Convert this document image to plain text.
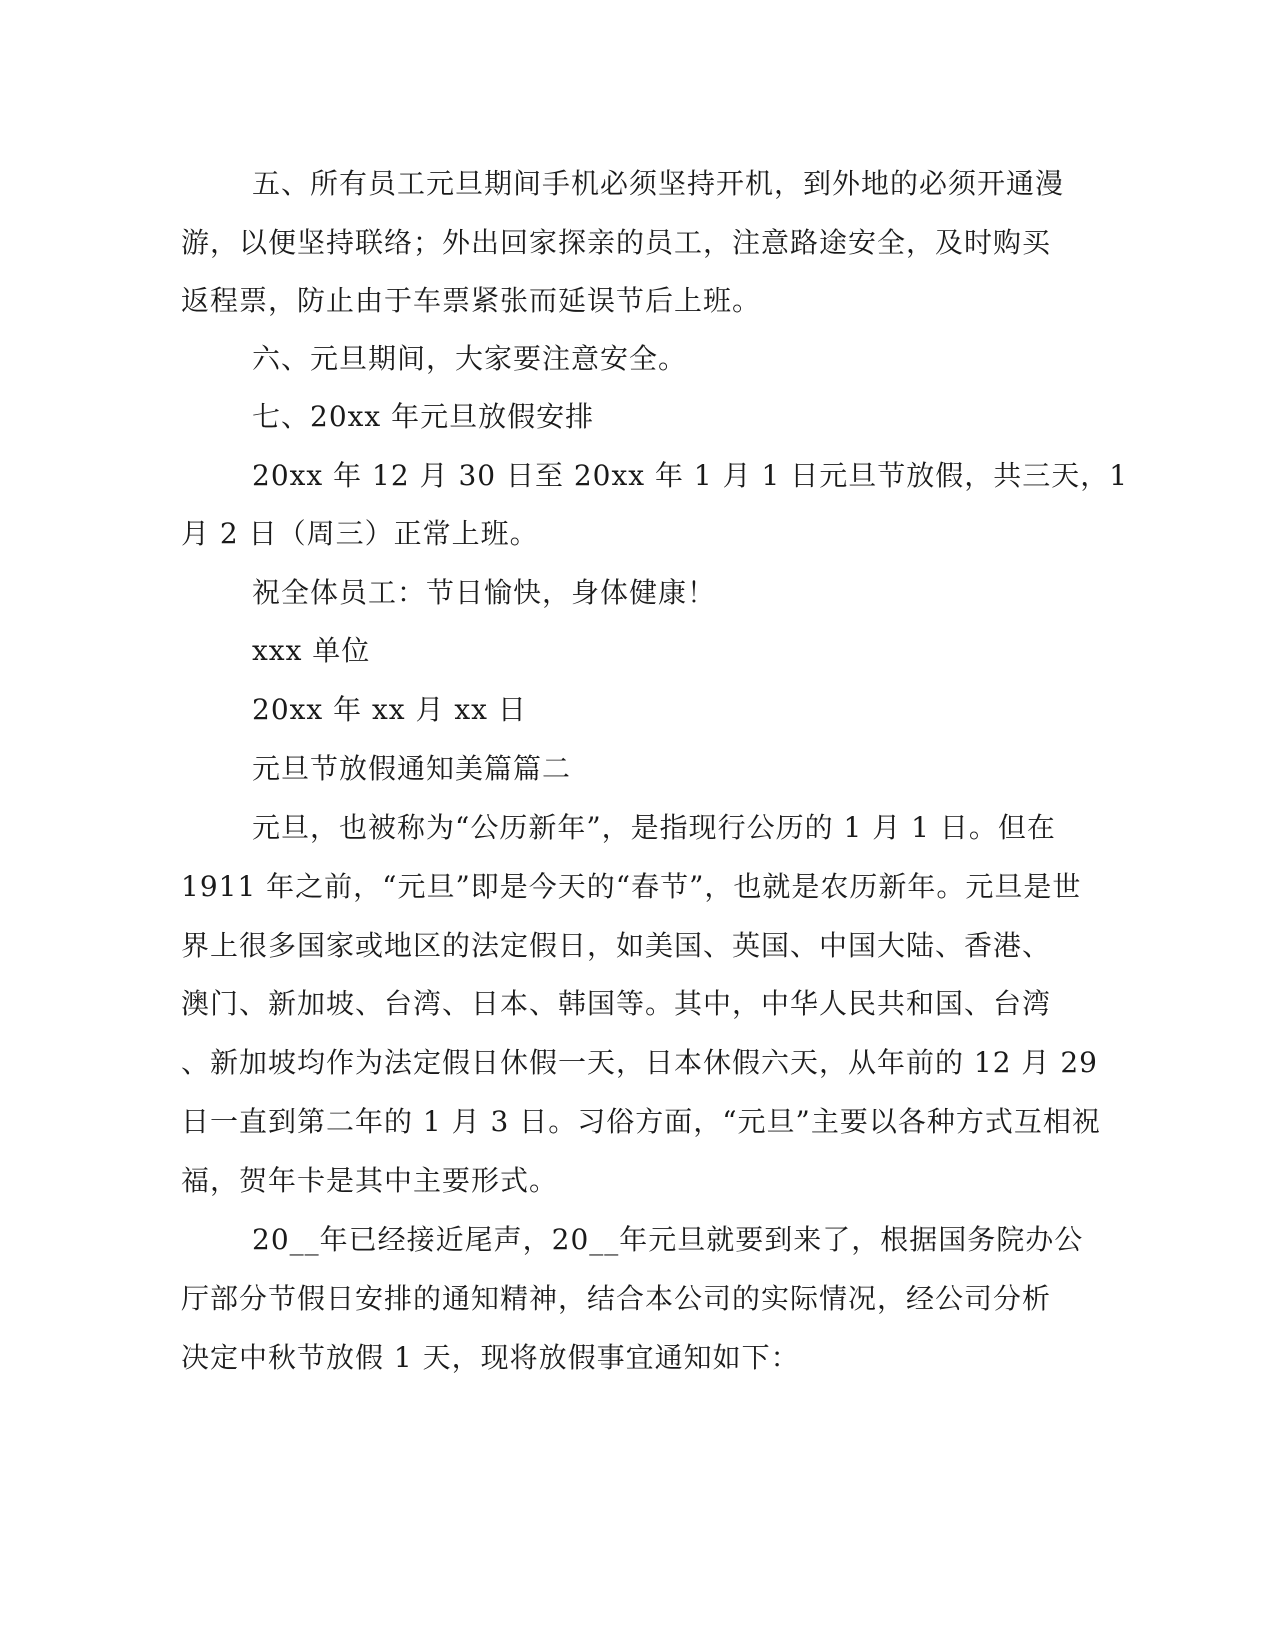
五、所有员工元旦期间手机必须坚持开机，到外地的必须开通漫
游，以便坚持联络；外出回家探亲的员工，注意路途安全，及时购买
返程票，防止由于车票紧张而延误节后上班。
六、元旦期间，大家要注意安全。
七、20xx 年元旦放假安排
20xx 年 12 月 30 日至 20xx 年 1 月 1 日元旦节放假，共三天，1
月 2 日（周三）正常上班。
祝全体员工：节日愉快，身体健康！
xxx 单位
20xx 年 xx 月 xx 日
元旦节放假通知美篇篇二
元旦，也被称为“公历新年”，是指现行公历的 1 月 1 日。但在
1911 年之前，“元旦”即是今天的“春节”，也就是农历新年。元旦是世
界上很多国家或地区的法定假日，如美国、英国、中国大陆、香港、
澳门、新加坡、台湾、日本、韩国等。其中，中华人民共和国、台湾
、新加坡均作为法定假日休假一天，日本休假六天，从年前的 12 月 29
日一直到第二年的 1 月 3 日。习俗方面，“元旦”主要以各种方式互相祝
福，贺年卡是其中主要形式。
20__年已经接近尾声，20__年元旦就要到来了，根据国务院办公
厅部分节假日安排的通知精神，结合本公司的实际情况，经公司分析
决定中秋节放假 1 天，现将放假事宜通知如下：
